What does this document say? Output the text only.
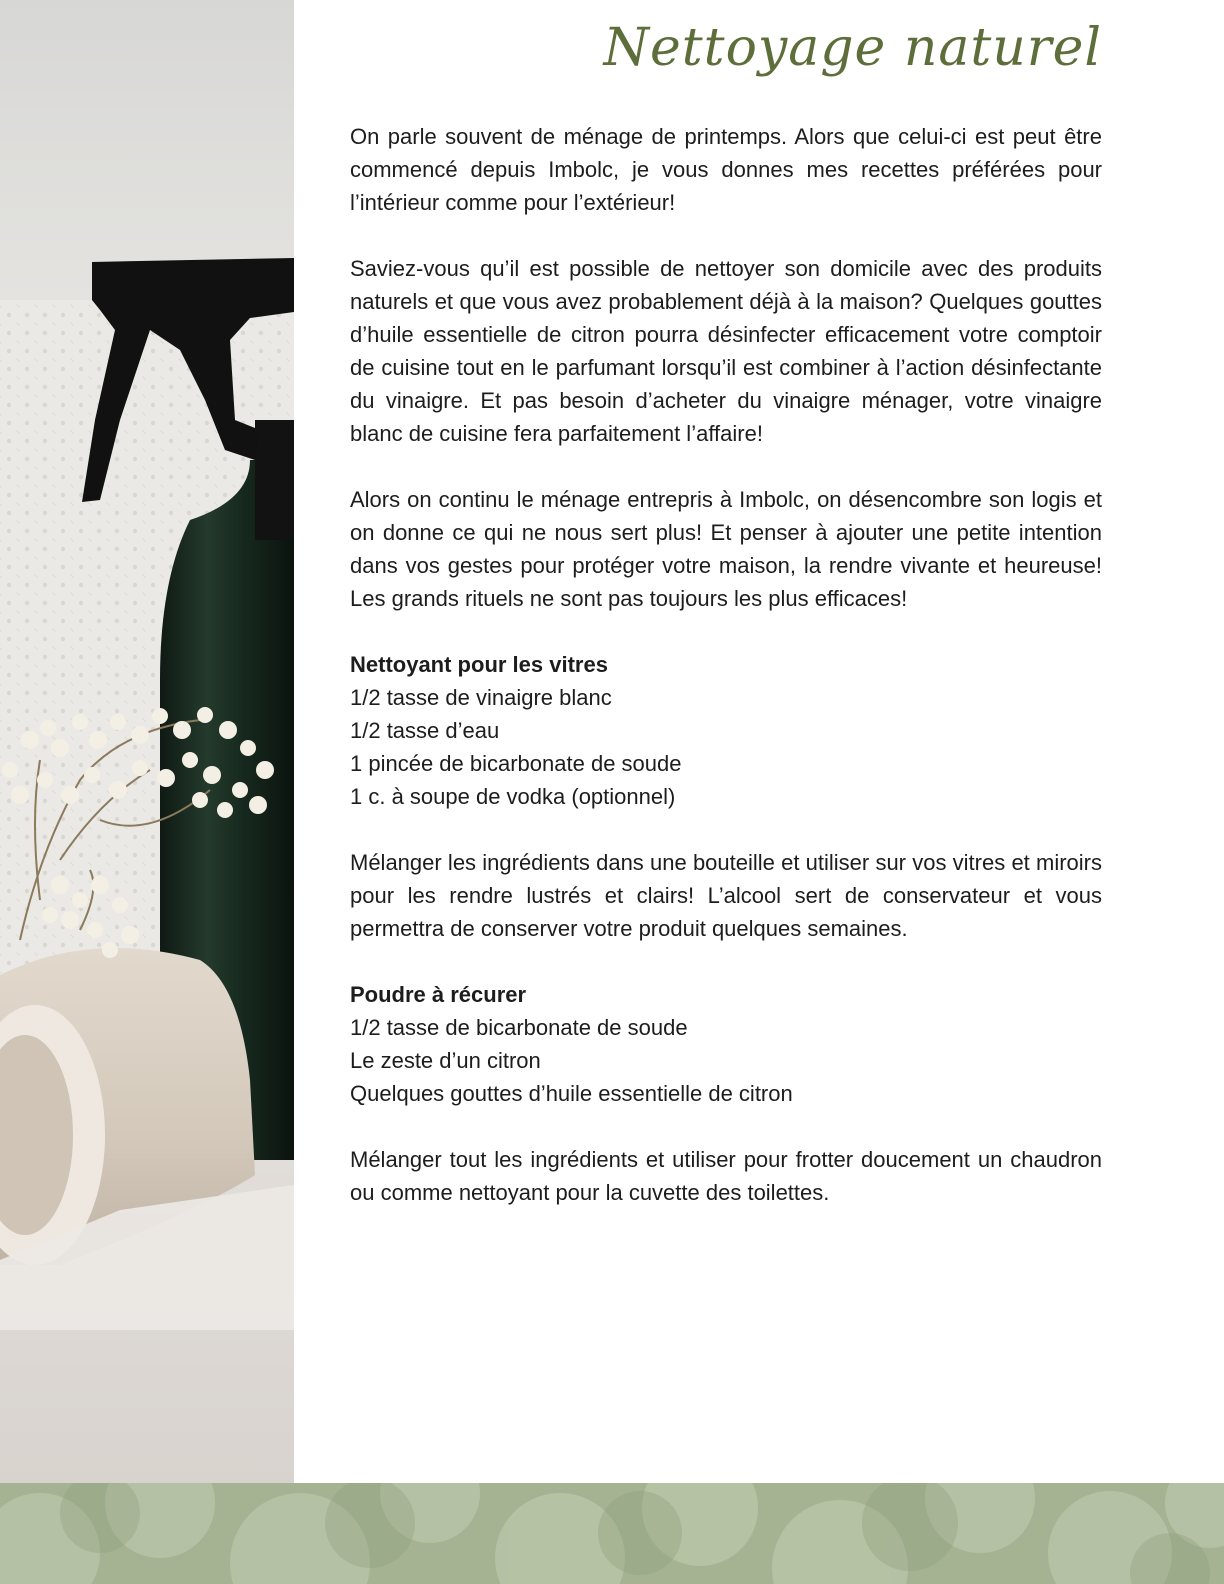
Nettoyage naturel

On parle souvent de ménage de printemps. Alors que celui-ci est peut être commencé depuis Imbolc, je vous donnes mes recettes préférées pour l’intérieur comme pour l’extérieur!

Saviez-vous qu’il est possible de nettoyer son domicile avec des produits naturels et que vous avez probablement déjà à la maison? Quelques gouttes d’huile essentielle de citron pourra désinfecter efficacement votre comptoir de cuisine tout en le parfumant lorsqu’il est combiner à l’action désinfectante du vinaigre. Et pas besoin d’acheter du vinaigre ménager, votre vinaigre blanc de cuisine fera parfaitement l’affaire!

Alors on continu le ménage entrepris à Imbolc, on désencombre son logis et on donne ce qui ne nous sert plus! Et penser à ajouter une petite intention dans vos gestes pour protéger votre maison, la rendre vivante et heureuse! Les grands rituels ne sont pas toujours les plus efficaces!

Nettoyant pour les vitres
1/2 tasse de vinaigre blanc
1/2 tasse d’eau
1 pincée de bicarbonate de soude
1 c. à soupe de vodka (optionnel)

Mélanger les ingrédients dans une bouteille et utiliser sur vos vitres et miroirs pour les rendre lustrés et clairs! L’alcool sert de conservateur et vous permettra de conserver votre produit quelques semaines.

Poudre à récurer
1/2 tasse de bicarbonate de soude
Le zeste d’un citron
Quelques gouttes d’huile essentielle de citron

Mélanger tout les ingrédients et utiliser pour frotter doucement un chaudron ou comme nettoyant pour la cuvette des toilettes.
